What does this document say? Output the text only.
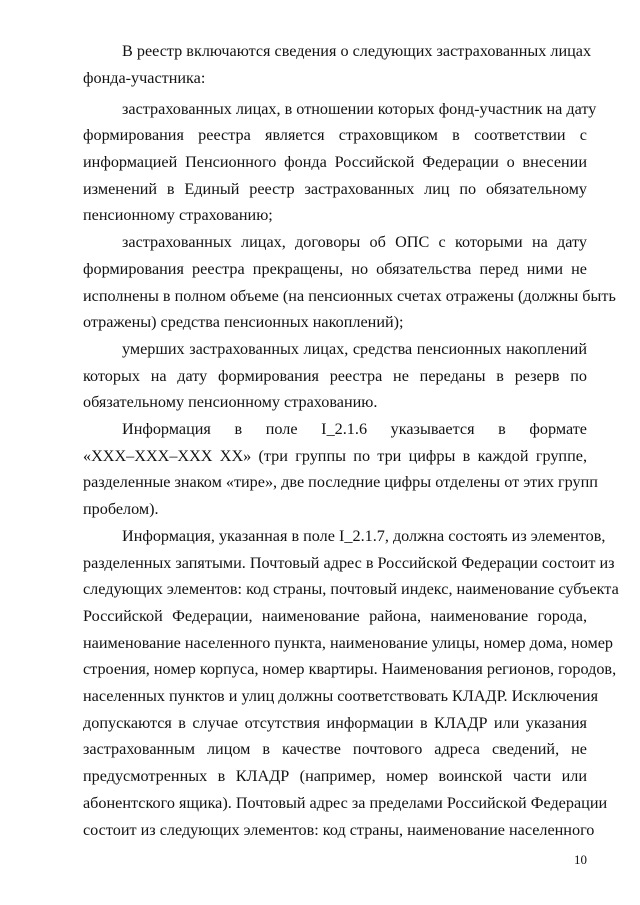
В реестр включаются сведения о следующих застрахованных лицах
фонда-участника:
застрахованных лицах, в отношении которых фонд-участник на дату
формирования реестра является страховщиком в соответствии с
информацией Пенсионного фонда Российской Федерации о внесении
изменений в Единый реестр застрахованных лиц по обязательному
пенсионному страхованию;
застрахованных лицах, договоры об ОПС с которыми на дату
формирования реестра прекращены, но обязательства перед ними не
исполнены в полном объеме (на пенсионных счетах отражены (должны быть
отражены) средства пенсионных накоплений);
умерших застрахованных лицах, средства пенсионных накоплений
которых на дату формирования реестра не переданы в резерв по
обязательному пенсионному страхованию.
Информация в поле I_2.1.6 указывается в формате
«XXX–XXX–XXX XX» (три группы по три цифры в каждой группе,
разделенные знаком «тире», две последние цифры отделены от этих групп
пробелом).
Информация, указанная в поле I_2.1.7, должна состоять из элементов,
разделенных запятыми. Почтовый адрес в Российской Федерации состоит из
следующих элементов: код страны, почтовый индекс, наименование субъекта
Российской Федерации, наименование района, наименование города,
наименование населенного пункта, наименование улицы, номер дома, номер
строения, номер корпуса, номер квартиры. Наименования регионов, городов,
населенных пунктов и улиц должны соответствовать КЛАДР. Исключения
допускаются в случае отсутствия информации в КЛАДР или указания
застрахованным лицом в качестве почтового адреса сведений, не
предусмотренных в КЛАДР (например, номер воинской части или
абонентского ящика). Почтовый адрес за пределами Российской Федерации
состоит из следующих элементов: код страны, наименование населенного
10
